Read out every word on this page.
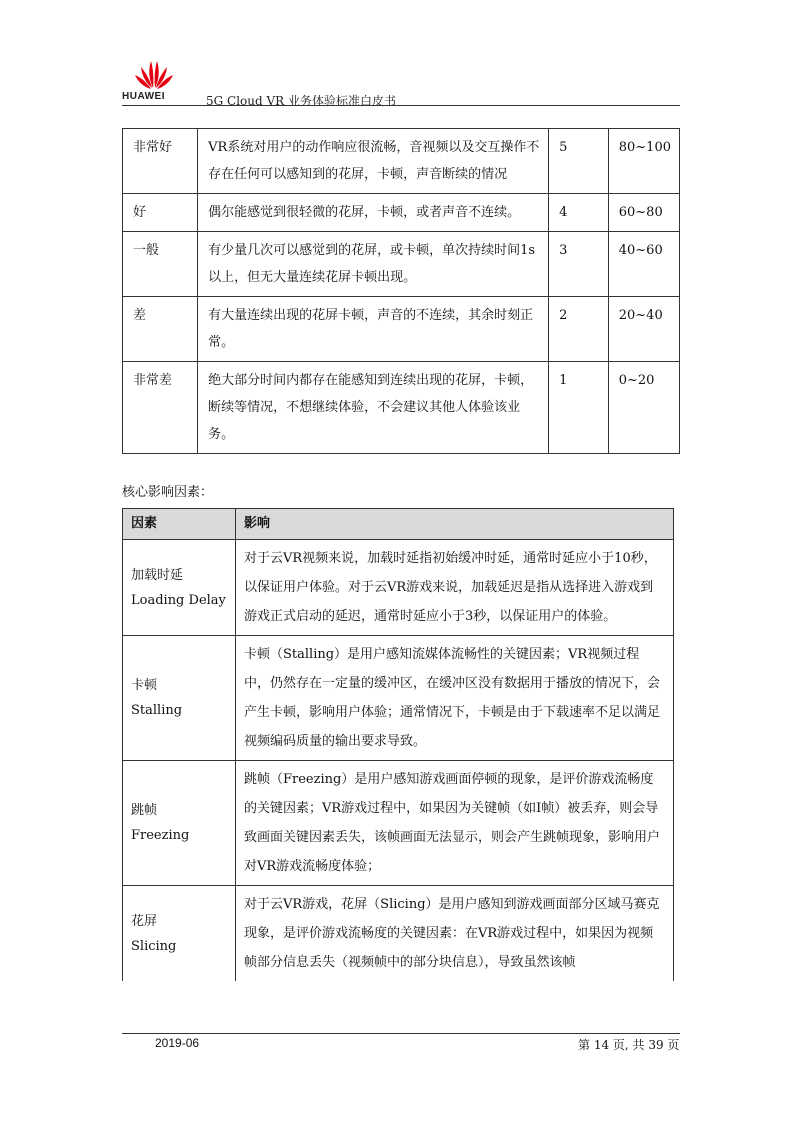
HUAWEI	5G Cloud VR 业务体验标准白皮书
非常好	VR系统对用户的动作响应很流畅，音视频以及交互操作不存在任何可以感知到的花屏，卡顿，声音断续的情况	5	80~100
好	偶尔能感觉到很轻微的花屏，卡顿，或者声音不连续。	4	60~80
一般	有少量几次可以感觉到的花屏，或卡顿，单次持续时间1s以上，但无大量连续花屏卡顿出现。	3	40~60
差	有大量连续出现的花屏卡顿，声音的不连续，其余时刻正常。	2	20~40
非常差	绝大部分时间内都存在能感知到连续出现的花屏，卡顿，断续等情况，不想继续体验，不会建议其他人体验该业务。	1	0~20
核心影响因素：
因素	影响

加载时延
Loading Delay	对于云VR视频来说，加载时延指初始缓冲时延，通常时延应小于10秒，以保证用户体验。对于云VR游戏来说，加载延迟是指从选择进入游戏到游戏正式启动的延迟，通常时延应小于3秒，以保证用户的体验。

卡顿
Stalling	卡顿（Stalling）是用户感知流媒体流畅性的关键因素；VR视频过程中，仍然存在一定量的缓冲区，在缓冲区没有数据用于播放的情况下，会产生卡顿，影响用户体验；通常情况下，卡顿是由于下载速率不足以满足视频编码质量的输出要求导致。

跳帧
Freezing	跳帧（Freezing）是用户感知游戏画面停顿的现象，是评价游戏流畅度的关键因素；VR游戏过程中，如果因为关键帧（如I帧）被丢弃，则会导致画面关键因素丢失，该帧画面无法显示，则会产生跳帧现象，影响用户对VR游戏流畅度体验；

花屏
Slicing	对于云VR游戏，花屏（Slicing）是用户感知到游戏画面部分区域马赛克现象，是评价游戏流畅度的关键因素：在VR游戏过程中，如果因为视频帧部分信息丢失（视频帧中的部分块信息），导致虽然该帧
2019-06	第 14 页, 共 39 页
